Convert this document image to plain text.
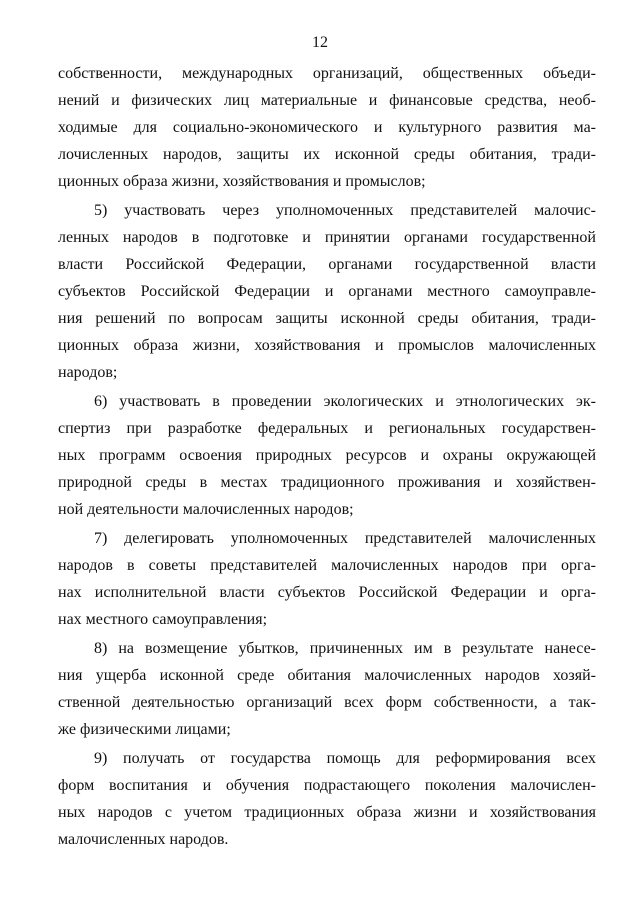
12
собственности, международных организаций, общественных объеди-
нений и физических лиц материальные и финансовые средства, необ-
ходимые для социально-экономического и культурного развития ма-
лочисленных народов, защиты их исконной среды обитания, тради-
ционных образа жизни, хозяйствования и промыслов;
5) участвовать через уполномоченных представителей малочис-
ленных народов в подготовке и принятии органами государственной
власти Российской Федерации, органами государственной власти
субъектов Российской Федерации и органами местного самоуправле-
ния решений по вопросам защиты исконной среды обитания, тради-
ционных образа жизни, хозяйствования и промыслов малочисленных
народов;
6) участвовать в проведении экологических и этнологических эк-
спертиз при разработке федеральных и региональных государствен-
ных программ освоения природных ресурсов и охраны окружающей
природной среды в местах традиционного проживания и хозяйствен-
ной деятельности малочисленных народов;
7) делегировать уполномоченных представителей малочисленных
народов в советы представителей малочисленных народов при орга-
нах исполнительной власти субъектов Российской Федерации и орга-
нах местного самоуправления;
8) на возмещение убытков, причиненных им в результате нанесе-
ния ущерба исконной среде обитания малочисленных народов хозяй-
ственной деятельностью организаций всех форм собственности, а так-
же физическими лицами;
9) получать от государства помощь для реформирования всех
форм воспитания и обучения подрастающего поколения малочислен-
ных народов с учетом традиционных образа жизни и хозяйствования
малочисленных народов.
